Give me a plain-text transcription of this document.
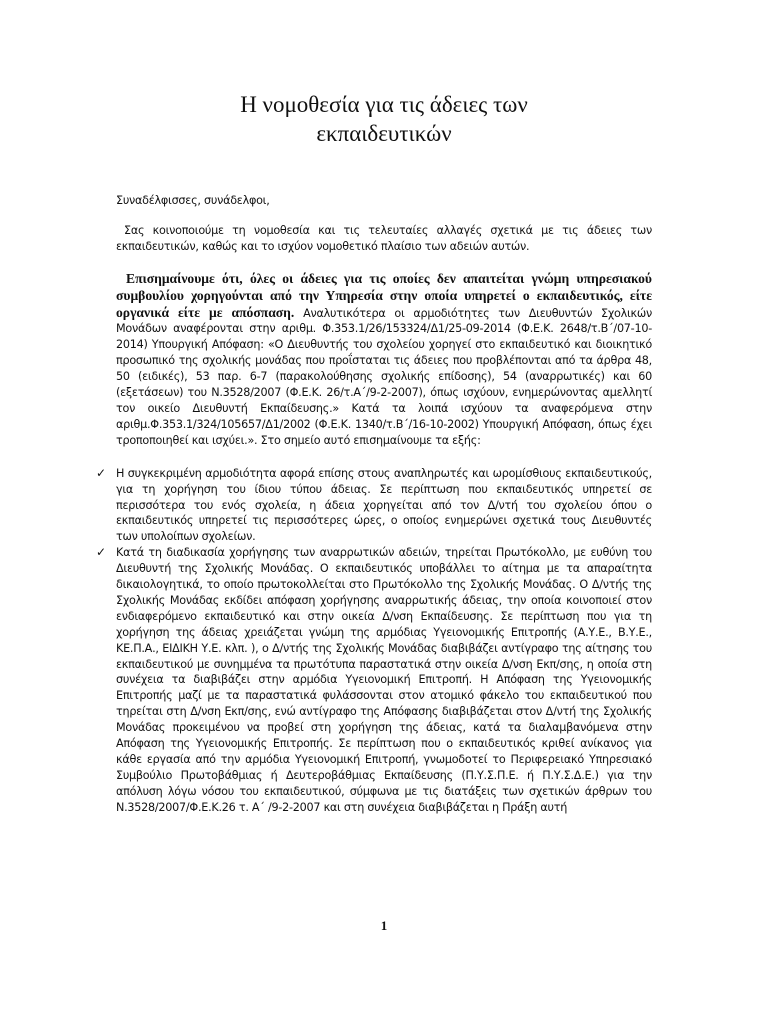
Η νομοθεσία για τις άδειες των
εκπαιδευτικών

Συναδέλφισσες, συνάδελφοι,

Σας κοινοποιούμε τη νομοθεσία και τις τελευταίες αλλαγές σχετικά με τις άδειες των εκπαιδευτικών, καθώς και το ισχύον νομοθετικό πλαίσιο των αδειών αυτών.

Επισημαίνουμε ότι, όλες οι άδειες για τις οποίες δεν απαιτείται γνώμη υπηρεσιακού συμβουλίου χορηγούνται από την Υπηρεσία στην οποία υπηρετεί ο εκπαιδευτικός, είτε οργανικά είτε με απόσπαση. Αναλυτικότερα οι αρμοδιότητες των Διευθυντών Σχολικών Μονάδων αναφέρονται στην αριθμ. Φ.353.1/26/153324/Δ1/25-09-2014 (Φ.Ε.Κ. 2648/τ.Β΄/07-10-2014) Υπουργική Απόφαση: «Ο Διευθυντής του σχολείου χορηγεί στο εκπαιδευτικό και διοικητικό προσωπικό της σχολικής μονάδας που προΐσταται τις άδειες που προβλέπονται από τα άρθρα 48, 50 (ειδικές), 53 παρ. 6-7 (παρακολούθησης σχολικής επίδοσης), 54 (αναρρωτικές) και 60 (εξετάσεων) του Ν.3528/2007 (Φ.Ε.Κ. 26/τ.Α΄/9-2-2007), όπως ισχύουν, ενημερώνοντας αμελλητί τον οικείο Διευθυντή Εκπαίδευσης.» Κατά τα λοιπά ισχύουν τα αναφερόμενα στην αριθμ.Φ.353.1/324/105657/Δ1/2002 (Φ.Ε.Κ. 1340/τ.Β΄/16-10-2002) Υπουργική Απόφαση, όπως έχει τροποποιηθεί και ισχύει.». Στο σημείο αυτό επισημαίνουμε τα εξής:

✓ Η συγκεκριμένη αρμοδιότητα αφορά επίσης στους αναπληρωτές και ωρομίσθιους εκπαιδευτικούς, για τη χορήγηση του ίδιου τύπου άδειας. Σε περίπτωση που εκπαιδευτικός υπηρετεί σε περισσότερα του ενός σχολεία, η άδεια χορηγείται από τον Δ/ντή του σχολείου όπου ο εκπαιδευτικός υπηρετεί τις περισσότερες ώρες, ο οποίος ενημερώνει σχετικά τους Διευθυντές των υπολοίπων σχολείων.
✓ Κατά τη διαδικασία χορήγησης των αναρρωτικών αδειών, τηρείται Πρωτόκολλο, με ευθύνη του Διευθυντή της Σχολικής Μονάδας. Ο εκπαιδευτικός υποβάλλει το αίτημα με τα απαραίτητα δικαιολογητικά, το οποίο πρωτοκολλείται στο Πρωτόκολλο της Σχολικής Μονάδας. Ο Δ/ντής της Σχολικής Μονάδας εκδίδει απόφαση χορήγησης αναρρωτικής άδειας, την οποία κοινοποιεί στον ενδιαφερόμενο εκπαιδευτικό και στην οικεία Δ/νση Εκπαίδευσης. Σε περίπτωση που για τη χορήγηση της άδειας χρειάζεται γνώμη της αρμόδιας Υγειονομικής Επιτροπής (Α.Υ.Ε., Β.Υ.Ε., ΚΕ.Π.Α., ΕΙΔΙΚΗ Υ.Ε. κλπ. ), ο Δ/ντής της Σχολικής Μονάδας διαβιβάζει αντίγραφο της αίτησης του εκπαιδευτικού με συνημμένα τα πρωτότυπα παραστατικά στην οικεία Δ/νση Εκπ/σης, η οποία στη συνέχεια τα διαβιβάζει στην αρμόδια Υγειονομική Επιτροπή. Η Απόφαση της Υγειονομικής Επιτροπής μαζί με τα παραστατικά φυλάσσονται στον ατομικό φάκελο του εκπαιδευτικού που τηρείται στη Δ/νση Εκπ/σης, ενώ αντίγραφο της Απόφασης διαβιβάζεται στον Δ/ντή της Σχολικής Μονάδας προκειμένου να προβεί στη χορήγηση της άδειας, κατά τα διαλαμβανόμενα στην Απόφαση της Υγειονομικής Επιτροπής. Σε περίπτωση που ο εκπαιδευτικός κριθεί ανίκανος για κάθε εργασία από την αρμόδια Υγειονομική Επιτροπή, γνωμοδοτεί το Περιφερειακό Υπηρεσιακό Συμβούλιο Πρωτοβάθμιας ή Δευτεροβάθμιας Εκπαίδευσης (Π.Υ.Σ.Π.Ε. ή Π.Υ.Σ.Δ.Ε.) για την απόλυση λόγω νόσου του εκπαιδευτικού, σύμφωνα με τις διατάξεις των σχετικών άρθρων του Ν.3528/2007/Φ.Ε.Κ.26 τ. Α΄ /9-2-2007 και στη συνέχεια διαβιβάζεται η Πράξη αυτή
1
